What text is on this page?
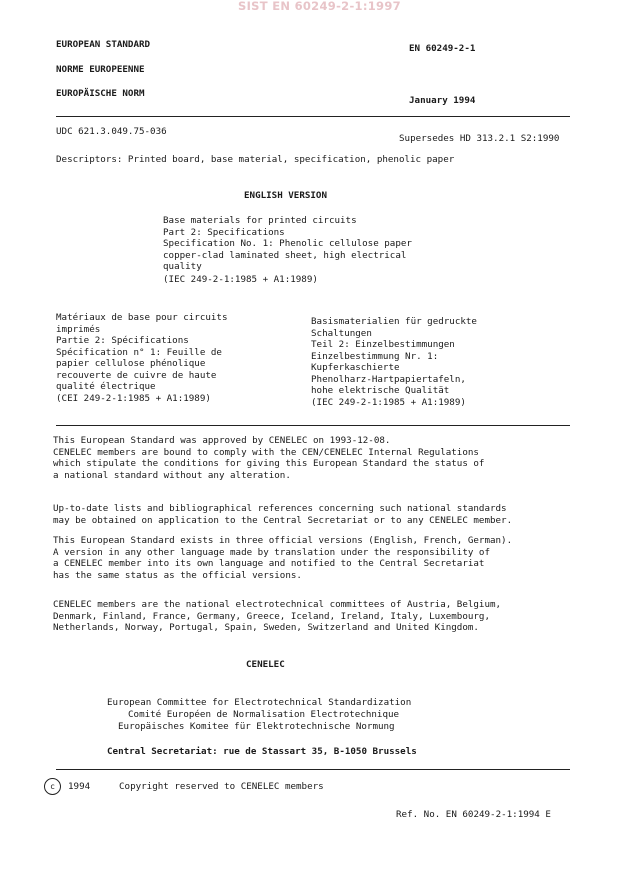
SIST EN 60249-2-1:1997
EUROPEAN STANDARD
NORME EUROPEENNE
EUROPÄISCHE NORM
EN 60249-2-1
January 1994
UDC 621.3.049.75-036
Supersedes HD 313.2.1 S2:1990
Descriptors: Printed board, base material, specification, phenolic paper
ENGLISH VERSION
Base materials for printed circuits
Part 2: Specifications
Specification No. 1: Phenolic cellulose paper
copper-clad laminated sheet, high electrical
quality
(IEC 249-2-1:1985 + A1:1989)
Matériaux de base pour circuits
imprimés
Partie 2: Spécifications
Spécification n° 1: Feuille de
papier cellulose phénolique
recouverte de cuivre de haute
qualité électrique
(CEI 249-2-1:1985 + A1:1989)
Basismaterialien für gedruckte
Schaltungen
Teil 2: Einzelbestimmungen
Einzelbestimmung Nr. 1:
Kupferkaschierte
Phenolharz-Hartpapiertafeln,
hohe elektrische Qualität
(IEC 249-2-1:1985 + A1:1989)
This European Standard was approved by CENELEC on 1993-12-08.
CENELEC members are bound to comply with the CEN/CENELEC Internal Regulations
which stipulate the conditions for giving this European Standard the status of
a national standard without any alteration.
Up-to-date lists and bibliographical references concerning such national standards
may be obtained on application to the Central Secretariat or to any CENELEC member.
This European Standard exists in three official versions (English, French, German).
A version in any other language made by translation under the responsibility of
a CENELEC member into its own language and notified to the Central Secretariat
has the same status as the official versions.
CENELEC members are the national electrotechnical committees of Austria, Belgium,
Denmark, Finland, France, Germany, Greece, Iceland, Ireland, Italy, Luxembourg,
Netherlands, Norway, Portugal, Spain, Sweden, Switzerland and United Kingdom.
CENELEC
European Committee for Electrotechnical Standardization
Comité Européen de Normalisation Electrotechnique
Europäisches Komitee für Elektrotechnische Normung
Central Secretariat: rue de Stassart 35, B-1050 Brussels
c	1994	Copyright reserved to CENELEC members
Ref. No. EN 60249-2-1:1994 E
